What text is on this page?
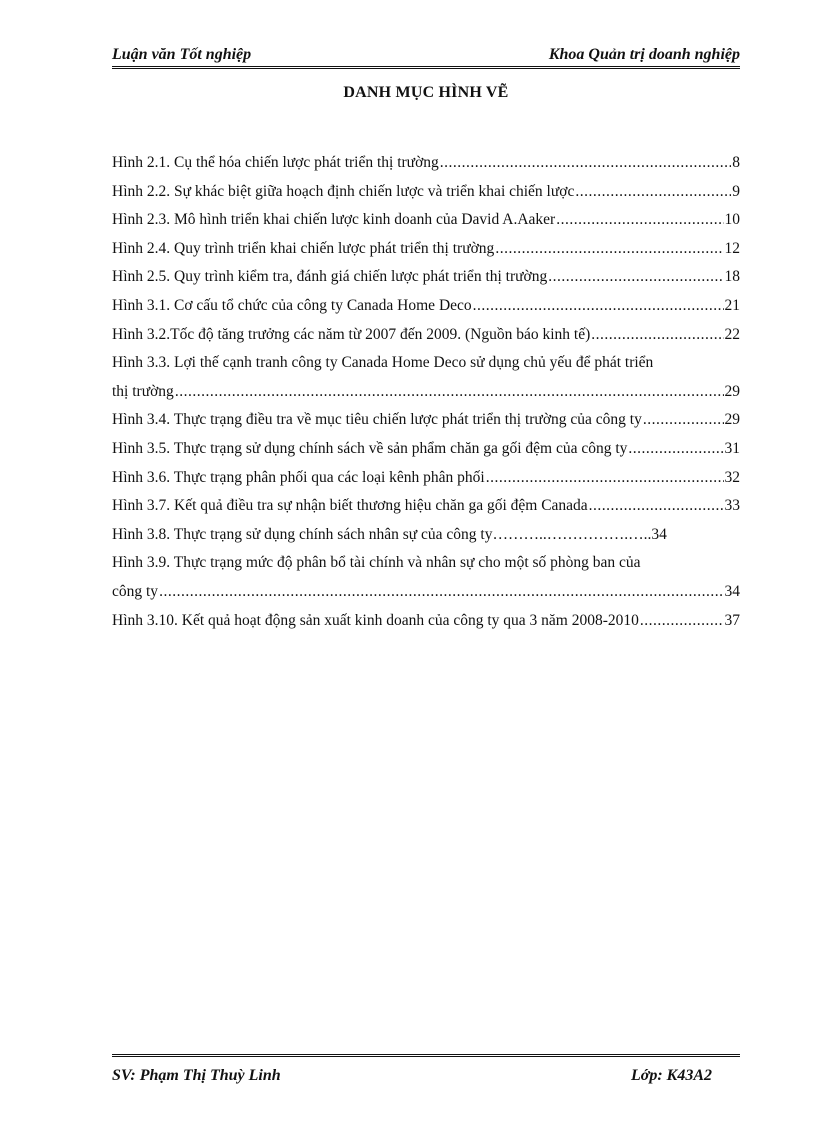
Luận văn Tốt nghiệp	Khoa Quản trị doanh nghiệp
DANH MỤC HÌNH VẼ
Hình 2.1. Cụ thể hóa chiến lược phát triển thị trường .....	8
Hình 2.2. Sự khác biệt giữa hoạch định chiến lược và triển khai chiến lược .....	9
Hình 2.3. Mô hình triển khai chiến lược kinh doanh của David A.Aaker .....	10
Hình 2.4. Quy trình triển khai chiến lược phát triển thị trường .....	12
Hình 2.5. Quy trình kiểm tra, đánh giá chiến lược phát triển thị trường .....	18
Hình 3.1. Cơ cấu tổ chức của công ty Canada Home Deco .....	21
Hình 3.2.Tốc độ tăng trưởng các năm từ 2007 đến 2009. (Nguồn báo kinh tế) .....	22
Hình 3.3. Lợi thế cạnh tranh công ty Canada Home Deco sử dụng chủ yếu để phát triển
thị trường .....	29
Hình 3.4. Thực trạng điều tra về mục tiêu chiến lược phát triển thị trường của công ty .....	29
Hình 3.5. Thực trạng sử dụng chính sách về sản phẩm chăn ga gối đệm của công ty .....	31
Hình 3.6. Thực trạng phân phối qua các loại kênh phân phối .....	32
Hình 3.7. Kết quả điều tra sự nhận biết thương hiệu chăn ga gối đệm Canada .....	33
Hình 3.8. Thực trạng sử dụng chính sách nhân sự của công ty………..…………….….. 34
Hình 3.9. Thực trạng mức độ phân bổ tài chính và nhân sự cho một số phòng ban của
công ty .....	34
Hình 3.10. Kết quả hoạt động sản xuất kinh doanh của công ty qua 3 năm 2008-2010 .....	37
SV: Phạm Thị Thuỳ Linh	Lớp: K43A2
